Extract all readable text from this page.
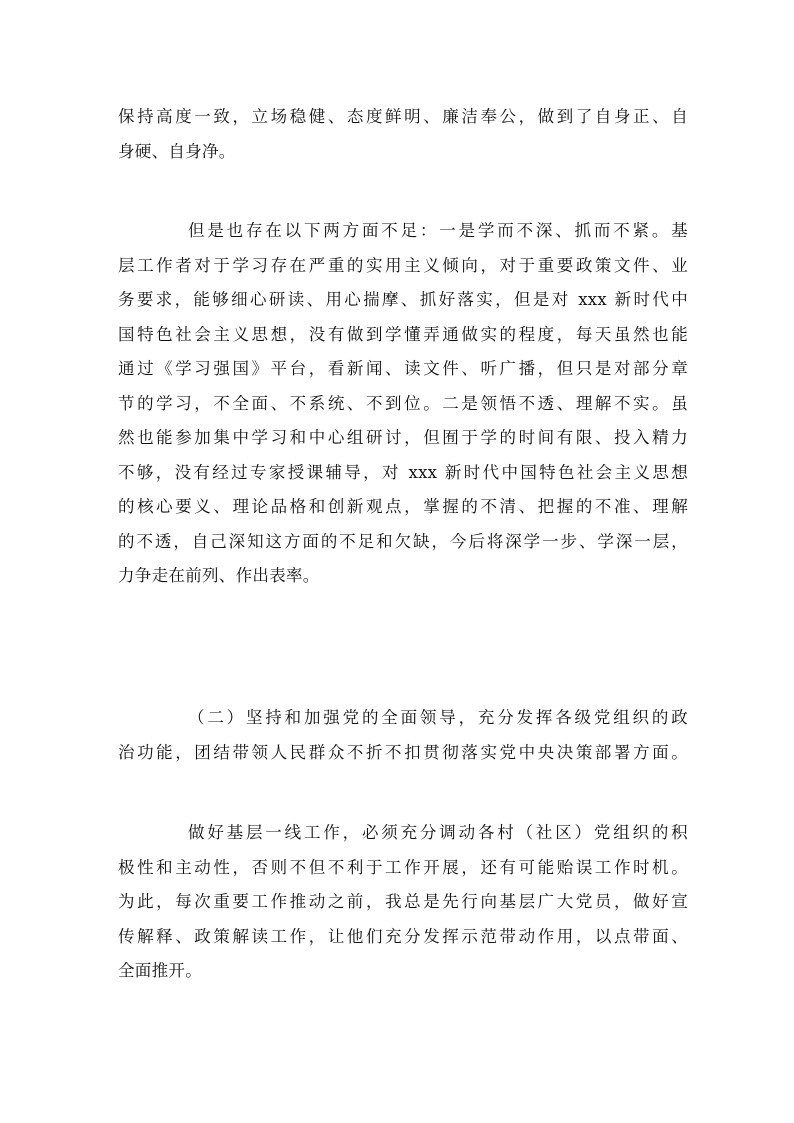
保持高度一致，立场稳健、态度鲜明、廉洁奉公，做到了自身正、自
身硬、自身净。
但是也存在以下两方面不足：一是学而不深、抓而不紧。基
层工作者对于学习存在严重的实用主义倾向，对于重要政策文件、业
务要求，能够细心研读、用心揣摩、抓好落实，但是对 xxx 新时代中
国特色社会主义思想，没有做到学懂弄通做实的程度，每天虽然也能
通过《学习强国》平台，看新闻、读文件、听广播，但只是对部分章
节的学习，不全面、不系统、不到位。二是领悟不透、理解不实。虽
然也能参加集中学习和中心组研讨，但囿于学的时间有限、投入精力
不够，没有经过专家授课辅导，对 xxx 新时代中国特色社会主义思想
的核心要义、理论品格和创新观点，掌握的不清、把握的不准、理解
的不透，自己深知这方面的不足和欠缺，今后将深学一步、学深一层，
力争走在前列、作出表率。
（二）坚持和加强党的全面领导，充分发挥各级党组织的政
治功能，团结带领人民群众不折不扣贯彻落实党中央决策部署方面。
做好基层一线工作，必须充分调动各村（社区）党组织的积
极性和主动性，否则不但不利于工作开展，还有可能贻误工作时机。
为此，每次重要工作推动之前，我总是先行向基层广大党员，做好宣
传解释、政策解读工作，让他们充分发挥示范带动作用，以点带面、
全面推开。
